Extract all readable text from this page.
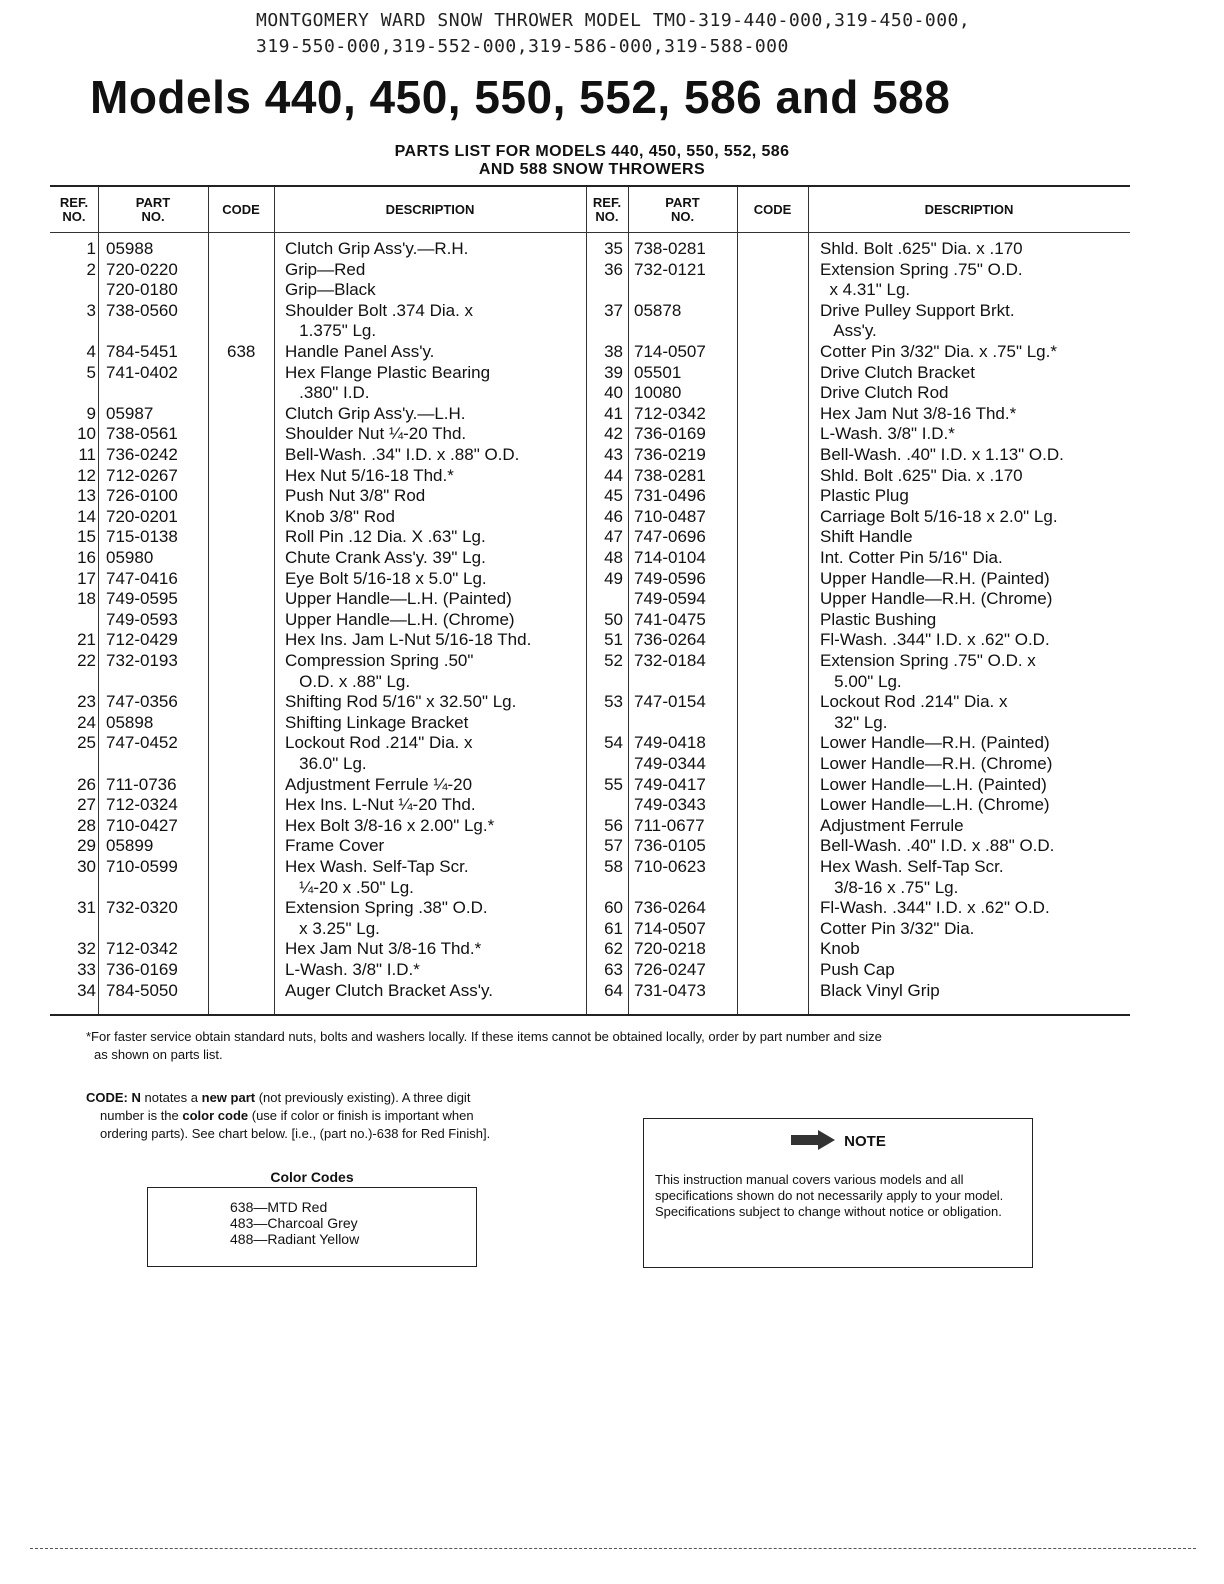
MONTGOMERY WARD SNOW THROWER MODEL TMO-319-440-000,319-450-000,
319-550-000,319-552-000,319-586-000,319-588-000
Models 440, 450, 550, 552, 586 and 588
PARTS LIST FOR MODELS 440, 450, 550, 552, 586
AND 588 SNOW THROWERS
REF.
NO.
PART
NO.	CODE	DESCRIPTION	REF.
NO.
PART
NO.	CODE	DESCRIPTION
1 05988	Clutch Grip Ass'y.—R.H.	35 738-0281	Shld. Bolt .625" Dia. x .170
2 720-0220	Grip—Red	36 732-0121	Extension Spring .75" O.D.
720-0180	Grip—Black	x 4.31" Lg.
3 738-0560	Shoulder Bolt .374 Dia. x	37 05878	Drive Pulley Support Brkt.
1.375" Lg.	Ass'y.
4 784-5451	638 Handle Panel Ass'y.	38 714-0507	Cotter Pin 3/32" Dia. x .75" Lg.*
5 741-0402	Hex Flange Plastic Bearing	39 05501	Drive Clutch Bracket
.380" I.D.	40 10080	Drive Clutch Rod
9 05987	Clutch Grip Ass'y.—L.H.	41 712-0342	Hex Jam Nut 3/8-16 Thd.*
10 738-0561	Shoulder Nut ¼-20 Thd.	42 736-0169	L-Wash. 3/8" I.D.*
11 736-0242	Bell-Wash. .34" I.D. x .88" O.D.	43 736-0219	Bell-Wash. .40" I.D. x 1.13" O.D.
12 712-0267	Hex Nut 5/16-18 Thd.*	44 738-0281	Shld. Bolt .625" Dia. x .170
13 726-0100	Push Nut 3/8" Rod	45 731-0496	Plastic Plug
14 720-0201	Knob 3/8" Rod	46 710-0487	Carriage Bolt 5/16-18 x 2.0" Lg.
15 715-0138	Roll Pin .12 Dia. X .63" Lg.	47 747-0696	Shift Handle
16 05980	Chute Crank Ass'y. 39" Lg.	48 714-0104	Int. Cotter Pin 5/16" Dia.
17 747-0416	Eye Bolt 5/16-18 x 5.0" Lg.	49 749-0596	Upper Handle—R.H. (Painted)
18 749-0595	Upper Handle—L.H. (Painted)	749-0594	Upper Handle—R.H. (Chrome)
749-0593	Upper Handle—L.H. (Chrome)	50 741-0475	Plastic Bushing
21 712-0429	Hex Ins. Jam L-Nut 5/16-18 Thd.	51 736-0264	Fl-Wash. .344" I.D. x .62" O.D.
22 732-0193	Compression Spring .50"	52 732-0184	Extension Spring .75" O.D. x
O.D. x .88" Lg.	5.00" Lg.
23 747-0356	Shifting Rod 5/16" x 32.50" Lg.	53 747-0154	Lockout Rod .214" Dia. x
24 05898	Shifting Linkage Bracket	32" Lg.
25 747-0452	Lockout Rod .214" Dia. x	54 749-0418	Lower Handle—R.H. (Painted)
36.0" Lg.	749-0344	Lower Handle—R.H. (Chrome)
26 711-0736	Adjustment Ferrule ¼-20	55 749-0417	Lower Handle—L.H. (Painted)
27 712-0324	Hex Ins. L-Nut ¼-20 Thd.	749-0343	Lower Handle—L.H. (Chrome)
28 710-0427	Hex Bolt 3/8-16 x 2.00" Lg.*	56 711-0677	Adjustment Ferrule
29 05899	Frame Cover	57 736-0105	Bell-Wash. .40" I.D. x .88" O.D.
30 710-0599	Hex Wash. Self-Tap Scr.	58 710-0623	Hex Wash. Self-Tap Scr.
¼-20 x .50" Lg.	3/8-16 x .75" Lg.
31 732-0320	Extension Spring .38" O.D.	60 736-0264	Fl-Wash. .344" I.D. x .62" O.D.
x 3.25" Lg.	61 714-0507	Cotter Pin 3/32" Dia.
32 712-0342	Hex Jam Nut 3/8-16 Thd.*	62 720-0218	Knob
33 736-0169	L-Wash. 3/8" I.D.*	63 726-0247	Push Cap
34 784-5050	Auger Clutch Bracket Ass'y.	64 731-0473	Black Vinyl Grip
*For faster service obtain standard nuts, bolts and washers locally. If these items cannot be obtained locally, order by part number and size
as shown on parts list.
CODE: N notates a new part (not previously existing). A three digit
number is the color code (use if color or finish is important when
ordering parts). See chart below. [i.e., (part no.)-638 for Red Finish].
Color Codes
638—MTD Red
483—Charcoal Grey
488—Radiant Yellow
NOTE
This instruction manual covers various models and all specifications shown do not necessarily apply to your model. Specifications subject to change without notice or obligation.
